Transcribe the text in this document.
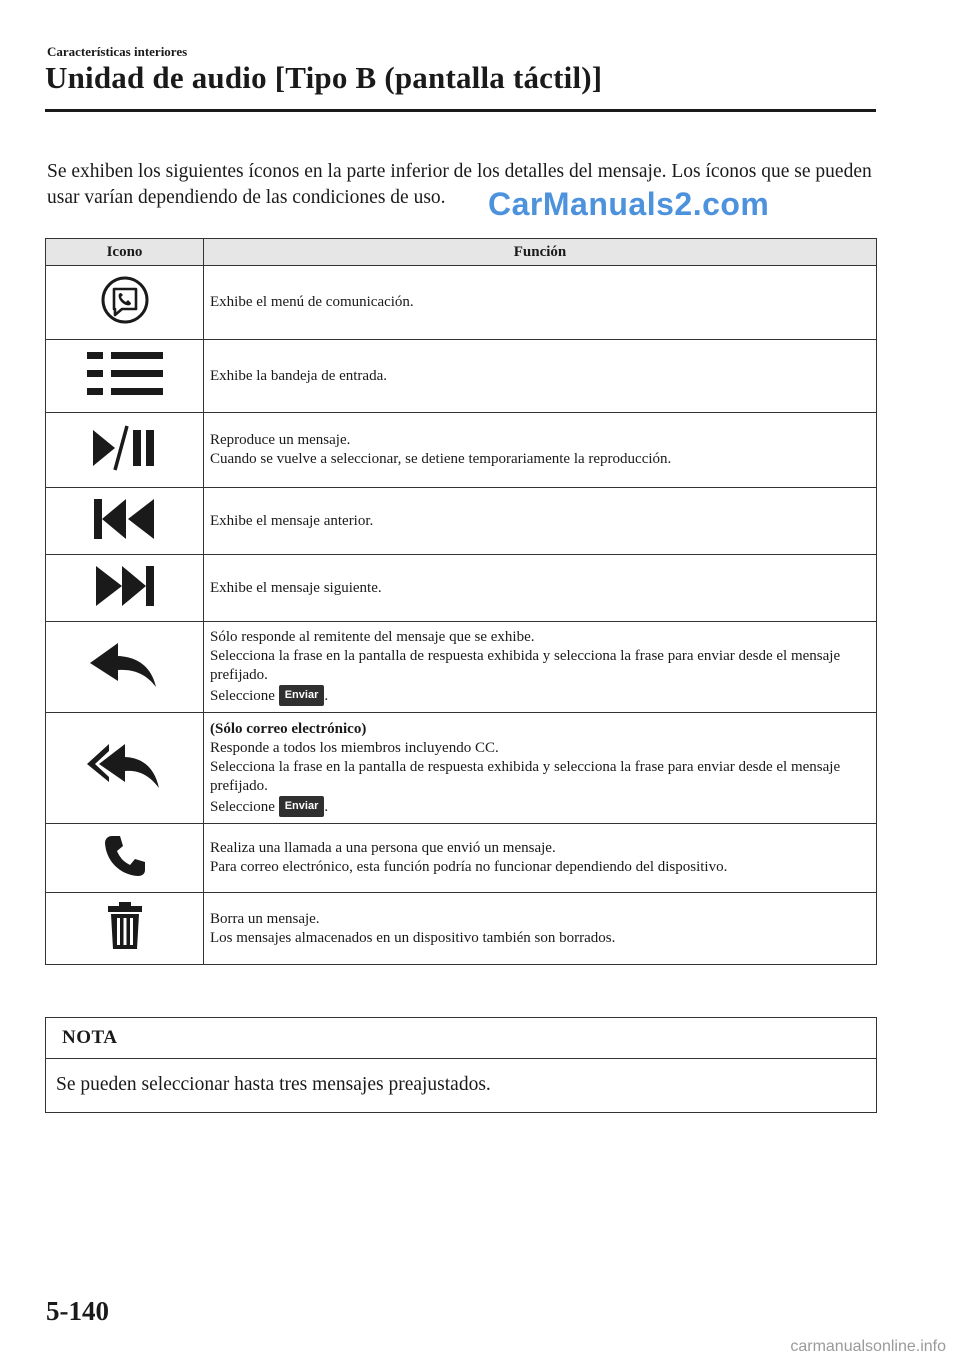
Características interiores
Unidad de audio [Tipo B (pantalla táctil)]
Se exhiben los siguientes íconos en la parte inferior de los detalles del mensaje. Los íconos que se pueden usar varían dependiendo de las condiciones de uso.	CarManuals2.com
Icono	Función

Exhibe el menú de comunicación.

Exhibe la bandeja de entrada.

Reproduce un mensaje.
Cuando se vuelve a seleccionar, se detiene temporariamente la reproducción.

Exhibe el mensaje anterior.

Exhibe el mensaje siguiente.

Sólo responde al remitente del mensaje que se exhibe.
Selecciona la frase en la pantalla de respuesta exhibida y selecciona la frase para enviar desde el mensaje prefijado.
Seleccione Enviar .

(Sólo correo electrónico)
Responde a todos los miembros incluyendo CC.
Selecciona la frase en la pantalla de respuesta exhibida y selecciona la frase para enviar desde el mensaje prefijado.
Seleccione Enviar .

Realiza una llamada a una persona que envió un mensaje.
Para correo electrónico, esta función podría no funcionar dependiendo del dispositivo.

Borra un mensaje.
Los mensajes almacenados en un dispositivo también son borrados.
NOTA
Se pueden seleccionar hasta tres mensajes preajustados.
5-140
carmanualsonline.info
